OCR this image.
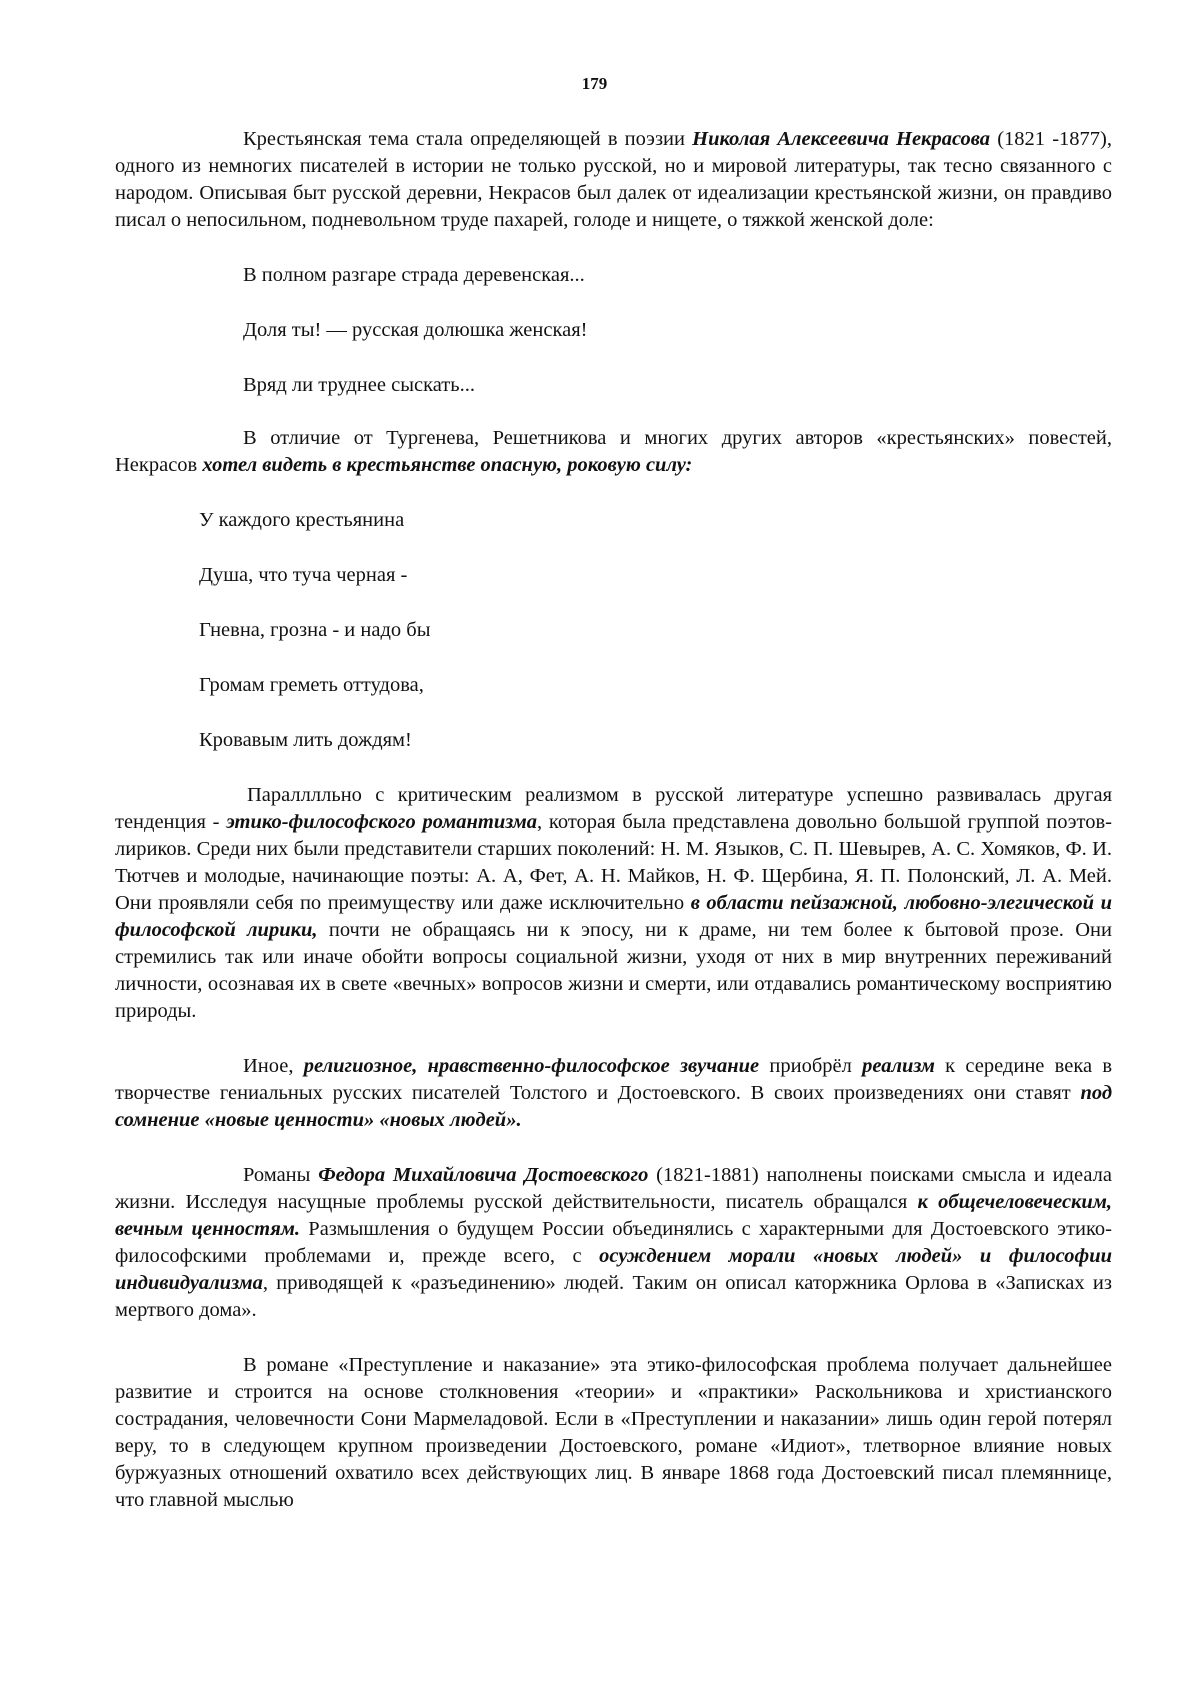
179

Крестьянская тема стала определяющей в поэзии Николая Алексеевича Некрасова (1821 -1877), одного из немногих писателей в истории не только русской, но и мировой литературы, так тесно связанного с народом. Описывая быт русской деревни, Некрасов был далек от идеализации крестьянской жизни, он правдиво писал о непосильном, подневольном труде пахарей, голоде и нищете, о тяжкой женской доле:

В полном разгаре страда деревенская...
Доля ты! — русская долюшка женская!
Вряд ли труднее сыскать...

В отличие от Тургенева, Решетникова и многих других авторов «крестьянских» повестей, Некрасов хотел видеть в крестьянстве опасную, роковую силу:

У каждого крестьянина
Душа, что туча черная -
Гневна, грозна - и надо бы
Громам греметь оттудова,
Кровавым лить дождям!

Паралллльно с критическим реализмом в русской литературе успешно развивалась другая тенденция - этико-философского романтизма, которая была представлена довольно большой группой поэтов-лириков. Среди них были представители старших поколений: Н. М. Языков, С. П. Шевырев, А. С. Хомяков, Ф. И. Тютчев и молодые, начинающие поэты: А. А, Фет, А. Н. Майков, Н. Ф. Щербина, Я. П. Полонский, Л. А. Мей. Они проявляли себя по преимуществу или даже исключительно в области пейзажной, любовно-элегической и философской лирики, почти не обращаясь ни к эпосу, ни к драме, ни тем более к бытовой прозе. Они стремились так или иначе обойти вопросы социальной жизни, уходя от них в мир внутренних переживаний личности, осознавая их в свете «вечных» вопросов жизни и смерти, или отдавались романтическому восприятию природы.

Иное, религиозное, нравственно-философское звучание приобрёл реализм к середине века в творчестве гениальных русских писателей Толстого и Достоевского. В своих произведениях они ставят под сомнение «новые ценности» «новых людей».

Романы Федора Михайловича Достоевского (1821-1881) наполнены поисками смысла и идеала жизни. Исследуя насущные проблемы русской действительности, писатель обращался к общечеловеческим, вечным ценностям. Размышления о будущем России объединялись с характерными для Достоевского этико-философскими проблемами и, прежде всего, с осуждением морали «новых людей» и философии индивидуализма, приводящей к «разъединению» людей. Таким он описал каторжника Орлова в «Записках из мертвого дома».

В романе «Преступление и наказание» эта этико-философская проблема получает дальнейшее развитие и строится на основе столкновения «теории» и «практики» Раскольникова и христианского сострадания, человечности Сони Мармеладовой. Если в «Преступлении и наказании» лишь один герой потерял веру, то в следующем крупном произведении Достоевского, романе «Идиот», тлетворное влияние новых буржуазных отношений охватило всех действующих лиц. В январе 1868 года Достоевский писал племяннице, что главной мыслью
